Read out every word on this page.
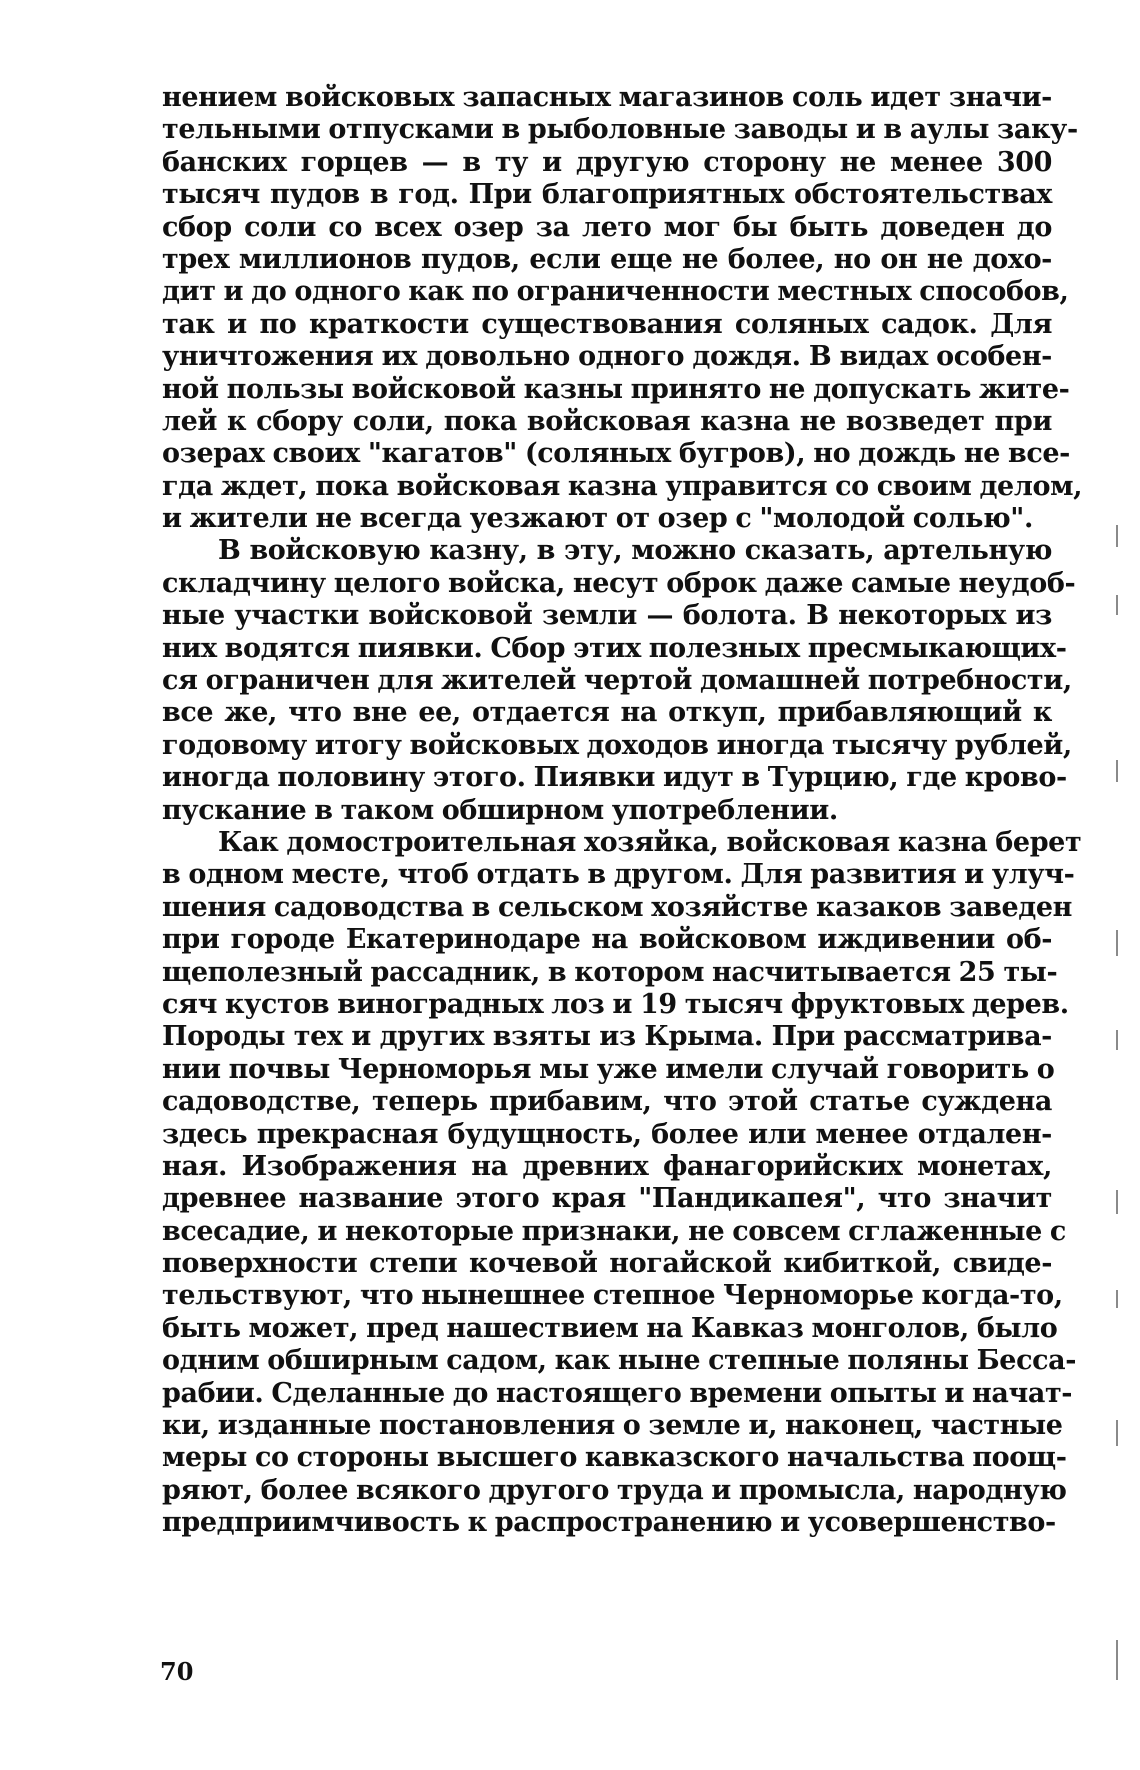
нением войсковых запасных магазинов соль идет значи-
тельными отпусками в рыболовные заводы и в аулы заку-
банских горцев — в ту и другую сторону не менее 300
тысяч пудов в год. При благоприятных обстоятельствах
сбор соли со всех озер за лето мог бы быть доведен до
трех миллионов пудов, если еще не более, но он не дохо-
дит и до одного как по ограниченности местных способов,
так и по краткости существования соляных садок. Для
уничтожения их довольно одного дождя. В видах особен-
ной пользы войсковой казны принято не допускать жите-
лей к сбору соли, пока войсковая казна не возведет при
озерах своих "кагатов" (соляных бугров), но дождь не все-
гда ждет, пока войсковая казна управится со своим делом,
и жители не всегда уезжают от озер с "молодой солью".
В войсковую казну, в эту, можно сказать, артельную
складчину целого войска, несут оброк даже самые неудоб-
ные участки войсковой земли — болота. В некоторых из
них водятся пиявки. Сбор этих полезных пресмыкающих-
ся ограничен для жителей чертой домашней потребности,
все же, что вне ее, отдается на откуп, прибавляющий к
годовому итогу войсковых доходов иногда тысячу рублей,
иногда половину этого. Пиявки идут в Турцию, где крово-
пускание в таком обширном употреблении.
Как домостроительная хозяйка, войсковая казна берет
в одном месте, чтоб отдать в другом. Для развития и улуч-
шения садоводства в сельском хозяйстве казаков заведен
при городе Екатеринодаре на войсковом иждивении об-
щеполезный рассадник, в котором насчитывается 25 ты-
сяч кустов виноградных лоз и 19 тысяч фруктовых дерев.
Породы тех и других взяты из Крыма. При рассматрива-
нии почвы Черноморья мы уже имели случай говорить о
садоводстве, теперь прибавим, что этой статье суждена
здесь прекрасная будущность, более или менее отдален-
ная. Изображения на древних фанагорийских монетах,
древнее название этого края "Пандикапея", что значит
всесадие, и некоторые признаки, не совсем сглаженные с
поверхности степи кочевой ногайской кибиткой, свиде-
тельствуют, что нынешнее степное Черноморье когда-то,
быть может, пред нашествием на Кавказ монголов, было
одним обширным садом, как ныне степные поляны Бесса-
рабии. Сделанные до настоящего времени опыты и начат-
ки, изданные постановления о земле и, наконец, частные
меры со стороны высшего кавказского начальства поощ-
ряют, более всякого другого труда и промысла, народную
предприимчивость к распространению и усовершенство-
70
